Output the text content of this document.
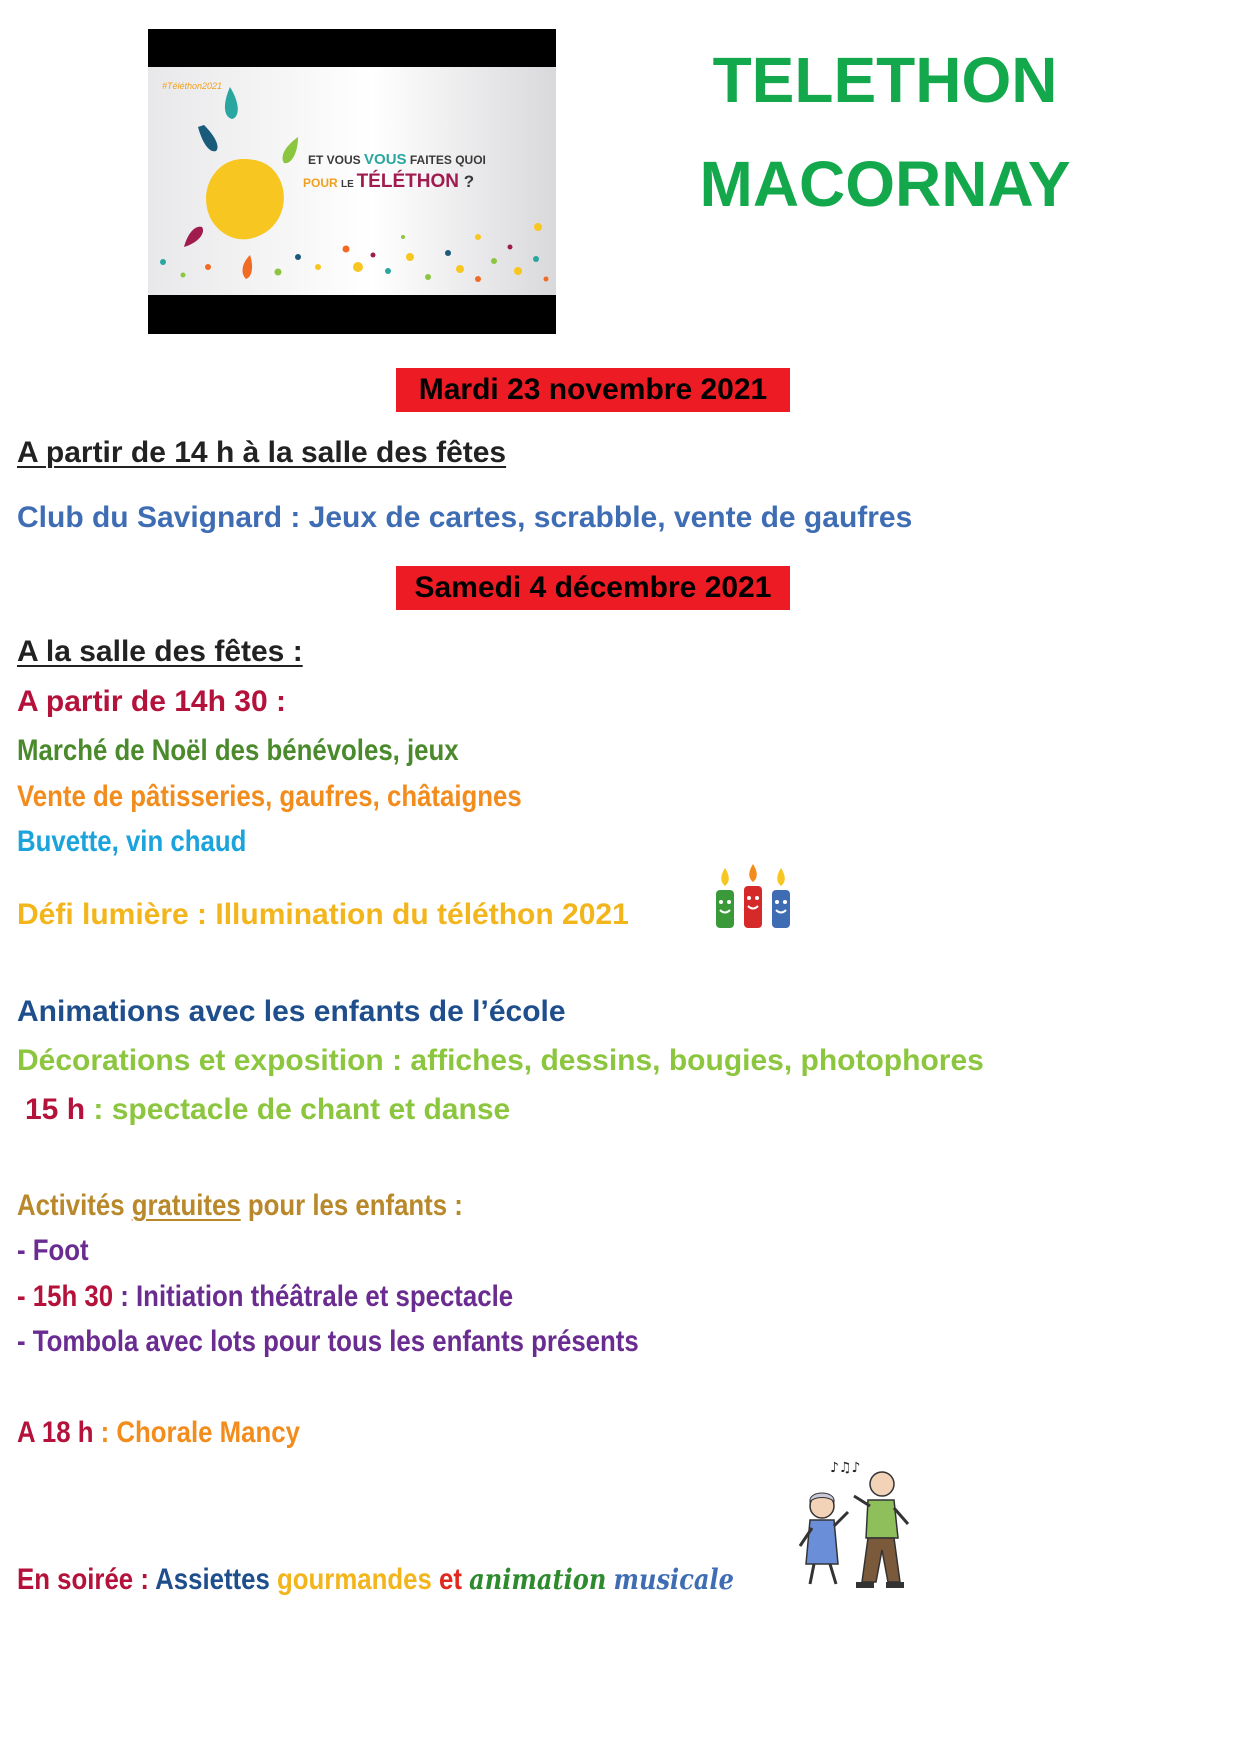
#Téléthon2021
ET VOUS VOUS FAITES QUOI
POUR LE TÉLÉTHON ?
TELETHON
MACORNAY
Mardi 23 novembre 2021
A partir de 14 h à la salle des fêtes
Club du Savignard : Jeux de cartes, scrabble, vente de gaufres
Samedi 4 décembre 2021
A la salle des fêtes :
A partir de 14h 30 :
Marché de Noël des bénévoles, jeux
Vente de pâtisseries, gaufres, châtaignes
Buvette, vin chaud
Défi lumière : Illumination du téléthon 2021
Animations avec les enfants de l’école
Décorations et exposition : affiches, dessins, bougies, photophores
15 h : spectacle de chant et danse
Activités gratuites pour les enfants :
- Foot
- 15h 30 : Initiation théâtrale et spectacle
- Tombola avec lots pour tous les enfants présents
A 18 h : Chorale Mancy
En soirée : Assiettes gourmandes et animation musicale
♪♫♪
